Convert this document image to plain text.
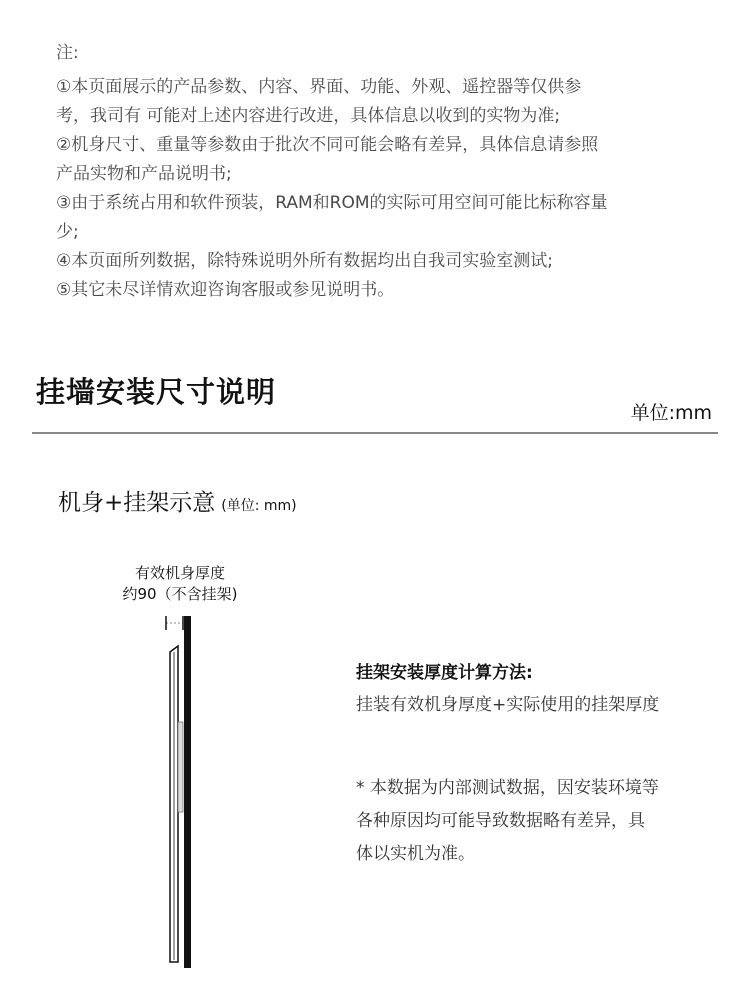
注:
①本页面展示的产品参数、内容、界面、功能、外观、遥控器等仅供参
考，我司有 可能对上述内容进行改进，具体信息以收到的实物为准;
②机身尺寸、重量等参数由于批次不同可能会略有差异，具体信息请参照
产品实物和产品说明书;
③由于系统占用和软件预装，RAM和ROM的实际可用空间可能比标称容量
少;
④本页面所列数据，除特殊说明外所有数据均出自我司实验室测试;
⑤其它未尽详情欢迎咨询客服或参见说明书。
挂墙安装尺寸说明
单位:mm
机身+挂架示意 (单位: mm)
有效机身厚度
约90（不含挂架)
挂架安装厚度计算方法:
挂装有效机身厚度+实际使用的挂架厚度
* 本数据为内部测试数据，因安装环境等
各种原因均可能导致数据略有差异，具
体以实机为准。
